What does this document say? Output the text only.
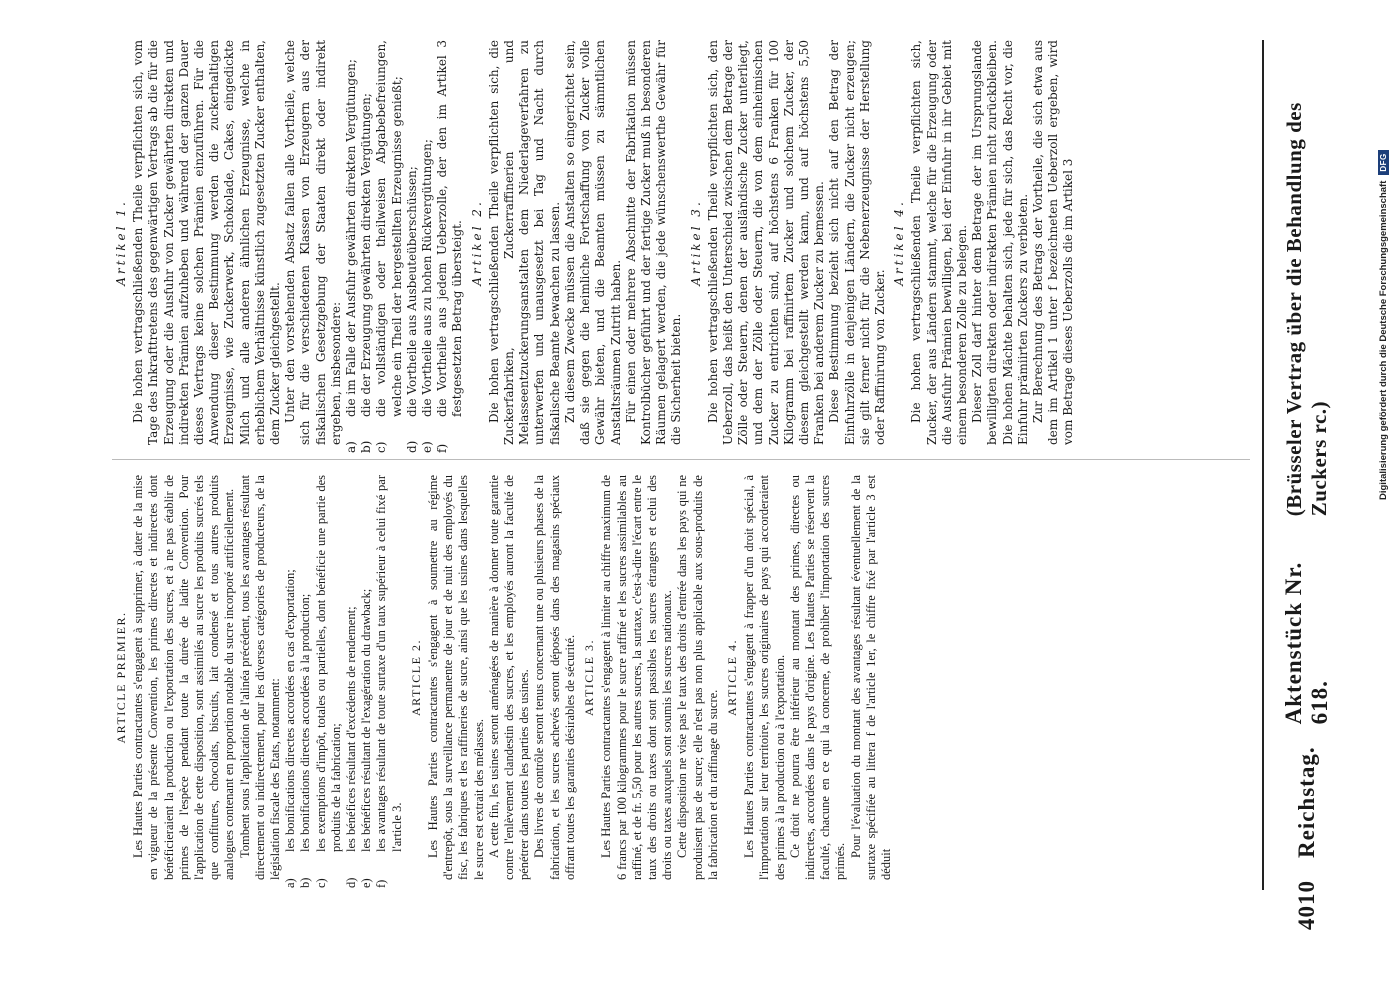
4010
Reichstag.
Aktenstück Nr. 618.
(Brüsseler Vertrag über die Behandlung des Zuckers rc.)
ARTICLE PREMIER. Les Hautes Parties contractantes s'engagent à supprimer, à dater de la mise en vigueur de la présente Convention, les primes directes et indirectes dont bénéficieraient la production ou l'exportation des sucres, et à ne pas établir de primes de l'espèce pendant toute la durée de ladite Convention. Pour l'application de cette disposition, sont assimilés au sucre les produits sucrés tels que confitures, chocolats, biscuits, lait condensé et tous autres produits analogues contenant en proportion notable du sucre incorporé artificiellement. Tombent sous l'application de l'alinéa précédent, tous les avantages résultant directement ou indirectement, pour les diverses catégories de producteurs, de la législation fiscale des Etats, notamment:

a)les bonifications directes accordées en cas d'exportation;
b)les bonifications directes accordées à la production;
c)les exemptions d'impôt, totales ou partielles, dont bénéficie une partie des produits de la fabrication;
d)les bénéfices résultant d'excédents de rendement;
e)les bénéfices résultant de l'exagération du drawback;
f)les avantages résultant de toute surtaxe d'un taux supérieur à celui fixé par l'article 3.
ARTICLE 2. Les Hautes Parties contractantes s'engagent à soumettre au régime d'entrepôt, sous la surveillance permanente de jour et de nuit des employés du fisc, les fabriques et les raffineries de sucre, ainsi que les usines dans lesquelles le sucre est extrait des mélasses. A cette fin, les usines seront aménagées de manière à donner toute garantie contre l'enlèvement clandestin des sucres, et les employés auront la faculté de pénétrer dans toutes les parties des usines. Des livres de contrôle seront tenus concernant une ou plusieurs phases de la fabrication, et les sucres achevés seront déposés dans des magasins spéciaux offrant toutes les garanties désirables de sécurité. ARTICLE 3. Les Hautes Parties contractantes s'engagent à limiter au chiffre maximum de 6 francs par 100 kilogrammes pour le sucre raffiné et les sucres assimilables au raffiné, et de fr. 5,50 pour les autres sucres, la surtaxe, c'est-à-dire l'écart entre le taux des droits ou taxes dont sont passibles les sucres étrangers et celui des droits ou taxes auxquels sont soumis les sucres nationaux. Cette disposition ne vise pas le taux des droits d'entrée dans les pays qui ne produisent pas de sucre; elle n'est pas non plus applicable aux sous-produits de la fabrication et du raffinage du sucre.

ARTICLE 4. Les Hautes Parties contractantes s'engagent à frapper d'un droit spécial, à l'importation sur leur territoire, les sucres originaires de pays qui accorderaient des primes à la production ou à l'exportation. Ce droit ne pourra être inférieur au montant des primes, directes ou indirectes, accordées dans le pays d'origine. Les Hautes Parties se réservent la faculté, chacune en ce qui la concerne, de prohiber l'importation des sucres primés.

Pour l'évaluation du montant des avantages résultant éventuellement de la surtaxe spécifiée au littera f de l'article 1er, le chiffre fixé par l'article 3 est déduit

Artikel 1. Die hohen vertragschließenden Theile verpflichten sich, vom Tage des Inkrafttretens des gegenwärtigen Vertrags ab die für die Erzeugung oder die Ausfuhr von Zucker gewährten direkten und indirekten Prämien aufzuheben und während der ganzen Dauer dieses Vertrags keine solchen Prämien einzuführen. Für die Anwendung dieser Bestimmung werden die zuckerhaltigen Erzeugnisse, wie Zuckerwerk, Schokolade, Cakes, eingedickte Milch und alle anderen ähnlichen Erzeugnisse, welche in erheblichem Verhältnisse künstlich zugesetzten Zucker enthalten, dem Zucker gleichgestellt. Unter den vorstehenden Absatz fallen alle Vortheile, welche sich für die verschiedenen Klassen von Erzeugern aus der fiskalischen Gesetzgebung der Staaten direkt oder indirekt ergeben, insbesondere:

a)die im Falle der Ausfuhr gewährten direkten Vergütungen;
b)die der Erzeugung gewährten direkten Vergütungen;
c)die vollständigen oder theilweisen Abgabebefreiungen, welche ein Theil der hergestellten Erzeugnisse genießt;
d)die Vortheile aus Ausbeuteüberschüssen;
e)die Vortheile aus zu hohen Rückvergütungen;
f)die Vortheile aus jedem Ueberzolle, der den im Artikel 3 festgesetzten Betrag übersteigt. Artikel 2. Die hohen vertragschließenden Theile verpflichten sich, die Zuckerfabriken, Zuckerraffinerien und Melasseentzuckerungsanstalten dem Niederlageverfahren zu unterwerfen und unausgesetzt bei Tag und Nacht durch fiskalische Beamte bewachen zu lassen. Zu diesem Zwecke müssen die Anstalten so eingerichtet sein, daß sie gegen die heimliche Fortschaffung von Zucker volle Gewähr bieten, und die Beamten müssen zu sämmtlichen Anstaltsräumen Zutritt haben. Für einen oder mehrere Abschnitte der Fabrikation müssen Kontrolbücher geführt und der fertige Zucker muß in besonderen Räumen gelagert werden, die jede wünschenswerthe Gewähr für die Sicherheit bieten.

Artikel 3. Die hohen vertragschließenden Theile verpflichten sich, den Ueberzoll, das heißt den Unterschied zwischen dem Betrage der Zölle oder Steuern, denen der ausländische Zucker unterliegt, und dem der Zölle oder Steuern, die von dem einheimischen Zucker zu entrichten sind, auf höchstens 6 Franken für 100 Kilogramm bei raffinirtem Zucker und solchem Zucker, der diesem gleichgestellt werden kann, und auf höchstens 5,50 Franken bei anderem Zucker zu bemessen. Diese Bestimmung bezieht sich nicht auf den Betrag der Einfuhrzölle in denjenigen Ländern, die Zucker nicht erzeugen; sie gilt ferner nicht für die Nebenerzeugnisse der Herstellung oder Raffinirung von Zucker.

Artikel 4. Die hohen vertragschließenden Theile verpflichten sich, Zucker, der aus Ländern stammt, welche für die Erzeugung oder die Ausfuhr Prämien bewilligen, bei der Einfuhr in ihr Gebiet mit einem besonderen Zolle zu belegen. Dieser Zoll darf hinter dem Betrage der im Ursprungslande bewilligten direkten oder indirekten Prämien nicht zurückbleiben. Die hohen Mächte behalten sich, jede für sich, das Recht vor, die Einfuhr prämiirten Zuckers zu verbieten. Zur Berechnung des Betrags der Vortheile, die sich etwa aus dem im Artikel 1 unter f bezeichneten Ueberzoll ergeben, wird vom Betrage dieses Ueberzolls die im Artikel 3	Digitalisierung gefördert durch die Deutsche Forschungsgemeinschaft
DFG
